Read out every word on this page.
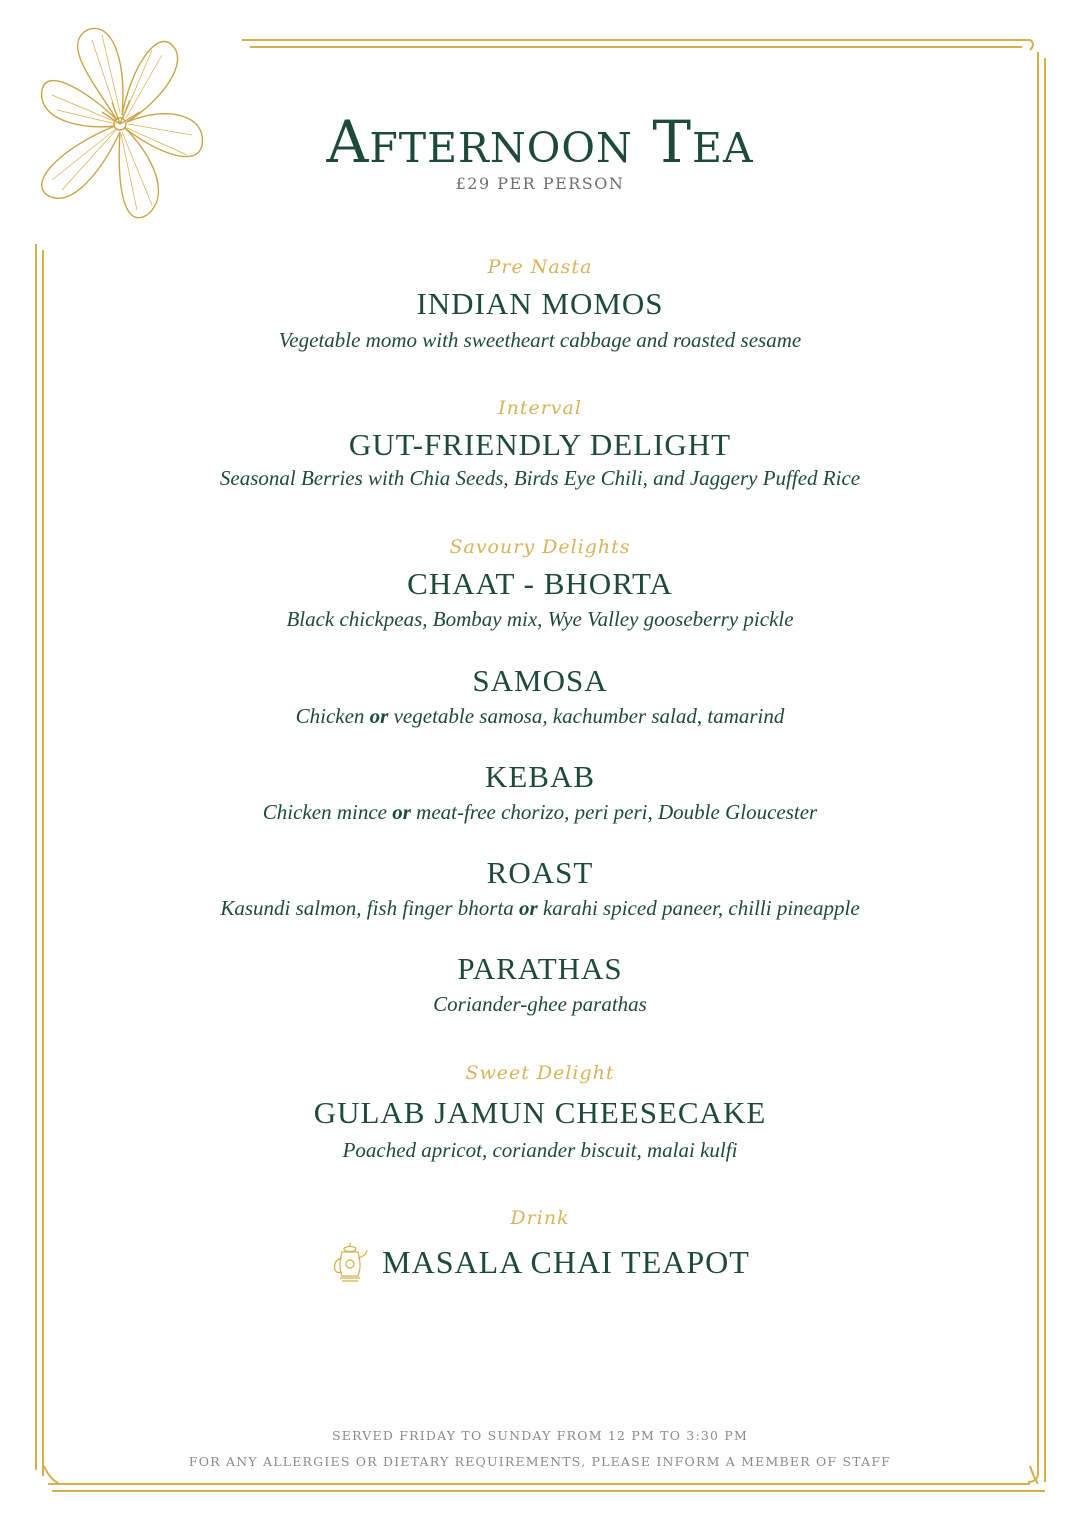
Afternoon Tea
£29 PER PERSON
Pre Nasta
INDIAN MOMOS
Vegetable momo with sweetheart cabbage and roasted sesame
Interval
GUT-FRIENDLY DELIGHT
Seasonal Berries with Chia Seeds, Birds Eye Chili, and Jaggery Puffed Rice
Savoury Delights
CHAAT - BHORTA
Black chickpeas, Bombay mix, Wye Valley gooseberry pickle
SAMOSA
Chicken or vegetable samosa, kachumber salad, tamarind
KEBAB
Chicken mince or meat-free chorizo, peri peri, Double Gloucester
ROAST
Kasundi salmon, fish finger bhorta or karahi spiced paneer, chilli pineapple
PARATHAS
Coriander-ghee parathas
Sweet Delight
GULAB JAMUN CHEESECAKE
Poached apricot, coriander biscuit, malai kulfi
Drink
MASALA CHAI TEAPOT
SERVED FRIDAY TO SUNDAY FROM 12 PM TO 3:30 PM
FOR ANY ALLERGIES OR DIETARY REQUIREMENTS, PLEASE INFORM A MEMBER OF STAFF
